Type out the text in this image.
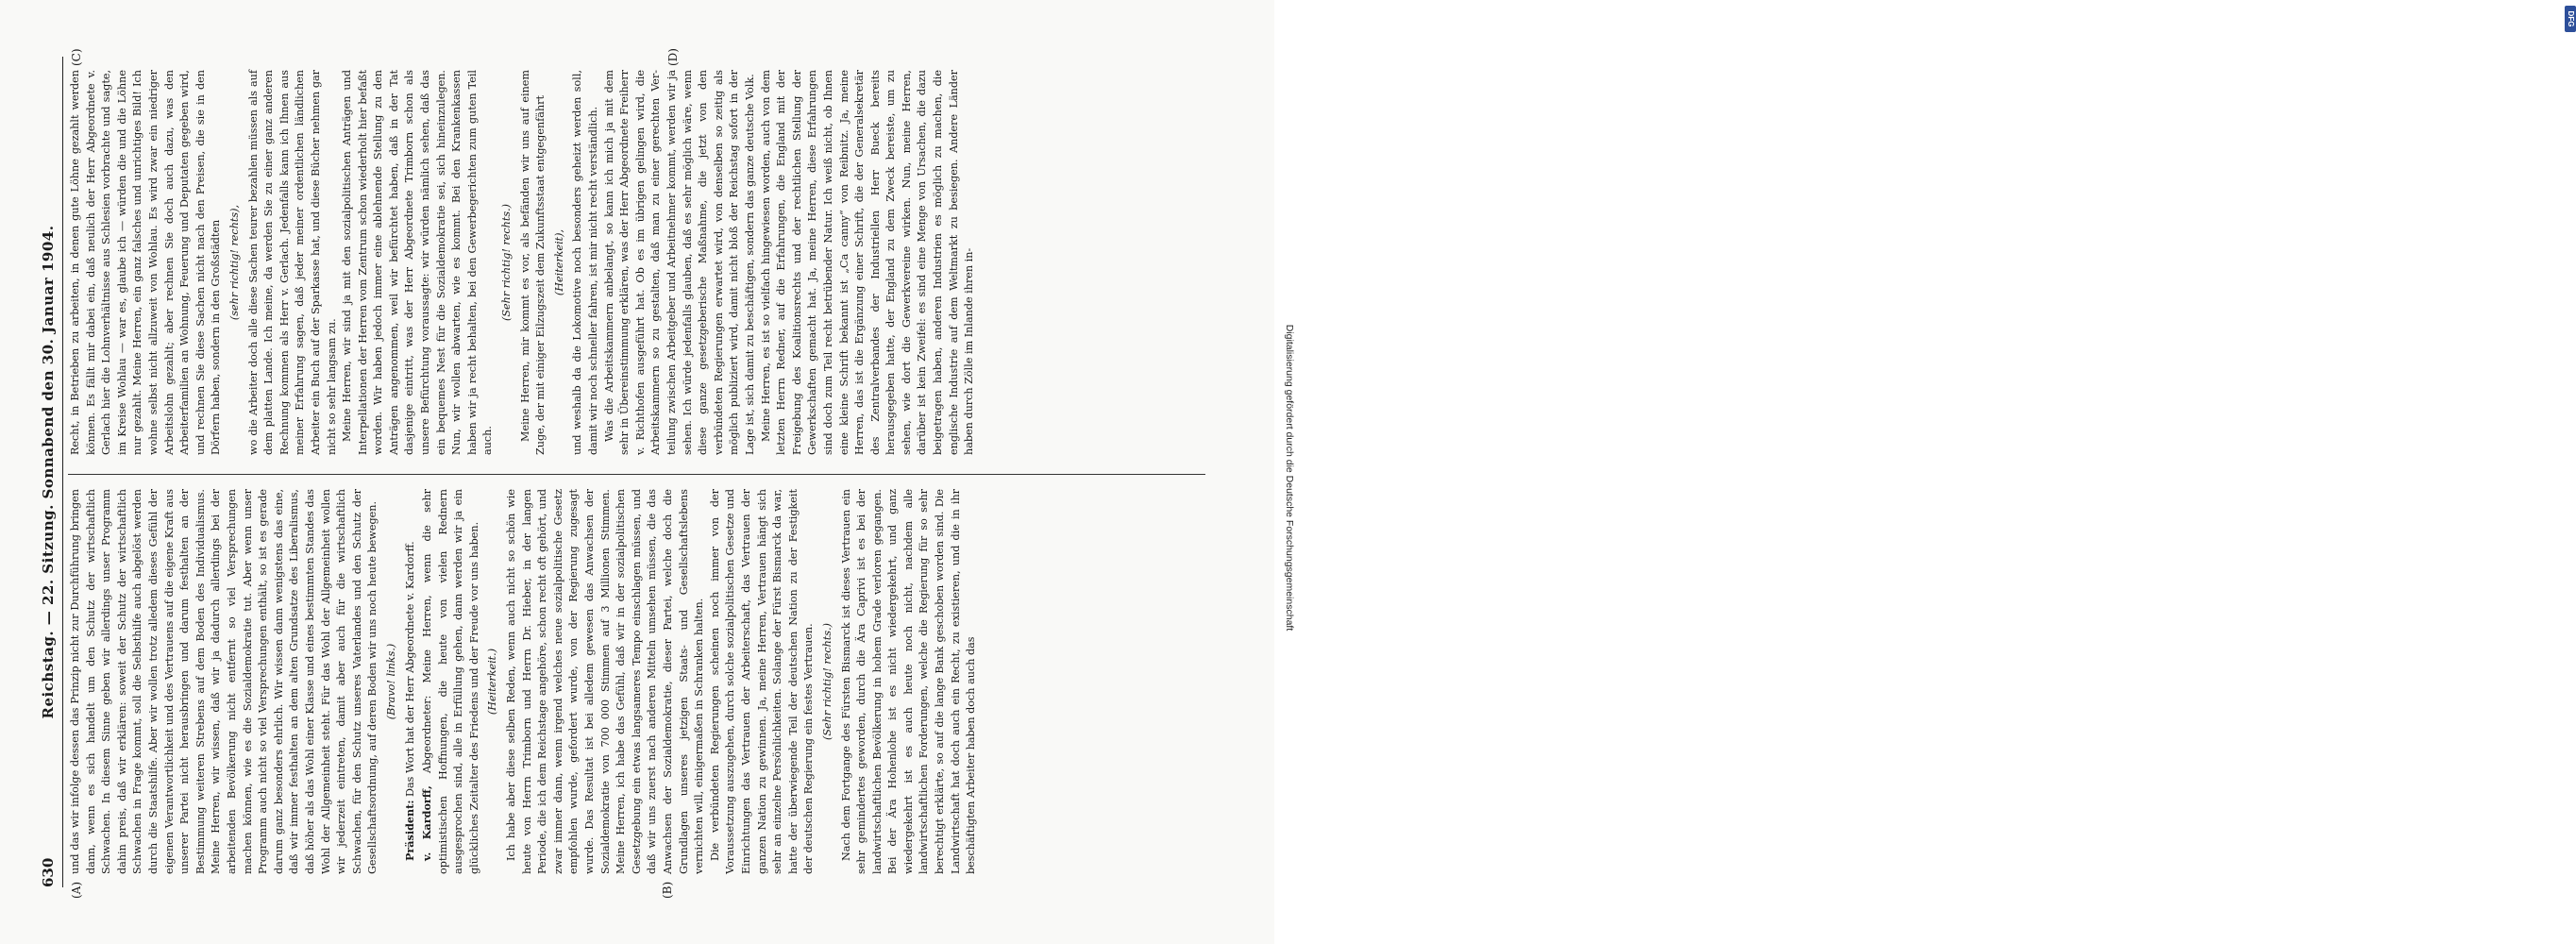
630
Reichstag. — 22. Sitzung. Sonnabend den 30. Januar 1904.
(A)	(B)
(C)	(D)

und das wir infolge dessen das Prinzip nicht zur Durchführung bringen dann, wenn es sich handelt um den Schutz der wirtschaftlich Schwachen. In diesem Sinne geben wir allerdings unser Programm dahin preis, daß wir erklären: soweit der Schutz der wirtschaftlich Schwachen in Frage kommt, soll die Selbsthilfe auch abgelöst werden durch die Staatshilfe. Aber wir wollen trotz alledem dieses Gefühl der eigenen Verantwortlichkeit und des Vertrauens auf die eigene Kraft aus unserer Partei nicht herausbringen und darum festhalten an der Bestimmung weiteren Strebens auf dem Boden des Individualismus. Meine Herren, wir wissen, daß wir ja dadurch allerdings bei der arbeitenden Bevölkerung nicht entfernt so viel Versprechungen machen können, wie es die Sozialdemokratie tut. Aber wenn unser Programm auch nicht so viel Versprechungen enthält, so ist es gerade darum ganz besonders ehrlich. Wir wissen dann wenigstens das eine, daß wir immer festhalten an dem alten Grundsatze des Liberalismus, daß höher als das Wohl einer Klasse und eines bestimmten Standes das Wohl der Allgemeinheit steht. Für das Wohl der Allgemeinheit wollen wir jederzeit eintreten, damit aber auch für die wirtschaftlich Schwachen, für den Schutz unseres Vaterlandes und den Schutz der Gesellschaftsordnung, auf deren Boden wir uns noch heute bewegen. (Bravo! links.)

Präsident: Das Wort hat der Herr Abgeordnete v. Kardorff.

v. Kardorff, Abgeordneter: Meine Herren, wenn die sehr optimistischen Hoffnungen, die heute von vielen Rednern ausgesprochen sind, alle in Erfüllung gehen, dann werden wir ja ein glückliches Zeitalter des Friedens und der Freude vor uns haben. (Heiterkeit.) Ich habe aber diese selben Reden, wenn auch nicht so schön wie heute von Herrn Trimborn und Herrn Dr. Hieber, in der langen Periode, die ich dem Reichstage angehöre, schon recht oft gehört, und zwar immer dann, wenn irgend welches neue sozialpolitische Gesetz empfohlen wurde, gefordert wurde, von der Regierung zugesagt wurde. Das Resultat ist bei alledem gewesen das Anwachsen der Sozialdemokratie von 700 000 Stimmen auf 3 Millionen Stimmen. Meine Herren, ich habe das Gefühl, daß wir in der sozialpolitischen Gesetzgebung ein etwas langsameres Tempo einschlagen müssen, und daß wir uns zuerst nach anderen Mitteln umsehen müssen, die das Anwachsen der Sozialdemokratie, dieser Partei, welche doch die Grundlagen unseres jetzigen Staats- und Gesellschaftslebens vernichten will, einigermaßen in Schranken halten. Die verbündeten Regierungen scheinen noch immer von der Voraussetzung auszugehen, durch solche sozialpolitischen Gesetze und Einrichtungen das Vertrauen der Arbeiterschaft, das Vertrauen der ganzen Nation zu gewinnen. Ja, meine Herren, Vertrauen hängt sich sehr an einzelne Persönlichkeiten. Solange der Fürst Bismarck da war, hatte der überwiegende Teil der deutschen Nation zu der Festigkeit der deutschen Regierung ein festes Vertrauen. (Sehr richtig! rechts.) Nach dem Fortgange des Fürsten Bismarck ist dieses Vertrauen ein sehr gemindertes geworden, durch die Ära Caprivi ist es bei der landwirtschaftlichen Bevölkerung in hohem Grade verloren gegangen. Bei der Ära Hohenlohe ist es nicht wiedergekehrt, und ganz wiedergekehrt ist es auch heute noch nicht, nachdem alle landwirtschaftlichen Forderungen, welche die Regierung für so sehr berechtigt erklärte, so auf die lange Bank geschoben worden sind. Die Landwirtschaft hat doch auch ein Recht, zu existieren, und die in ihr beschäftigten Arbeiter haben doch auch das

Recht, in Betrieben zu arbeiten, in denen gute Löhne gezahlt werden können. Es fällt mir dabei ein, daß neulich der Herr Abgeordnete v. Gerlach hier die Lohnverhältnisse aus Schlesien vorbrachte und sagte, im Kreise Wohlau — war es, glaube ich — würden die und die Löhne nur gezahlt. Meine Herren, ein ganz falsches und unrichtiges Bild! Ich wohne selbst nicht allzuweit von Wohlau. Es wird zwar ein niedriger Arbeitslohn gezahlt; aber rechnen Sie doch auch dazu, was den Arbeiterfamilien an Wohnung, Feuerung und Deputaten gegeben wird, und rechnen Sie diese Sachen nicht nach den Preisen, die sie in den Dörfern haben, sondern in den Großstädten (sehr richtig! rechts), wo die Arbeiter doch alle diese Sachen teurer bezahlen müssen als auf dem platten Lande. Ich meine, da werden Sie zu einer ganz anderen Rechnung kommen als Herr v. Gerlach. Jedenfalls kann ich Ihnen aus meiner Erfahrung sagen, daß jeder meiner ordentlichen ländlichen Arbeiter ein Buch auf der Sparkasse hat, und diese Bücher nehmen gar nicht so sehr langsam zu. Meine Herren, wir sind ja mit den sozialpolitischen Anträgen und Interpellationen der Herren vom Zentrum schon wiederholt hier befaßt worden. Wir haben jedoch immer eine ablehnende Stellung zu den Anträgen angenommen, weil wir befürchtet haben, daß in der Tat dasjenige eintritt, was der Herr Abgeordnete Trimborn schon als unsere Befürchtung voraussagte: wir würden nämlich sehen, daß das ein bequemes Nest für die Sozialdemokratie sei, sich hineinzulegen. Nun, wir wollen abwarten, wie es kommt. Bei den Krankenkassen haben wir ja recht behalten, bei den Gewerbegerichten zum guten Teil auch.

(Sehr richtig! rechts.) Meine Herren, mir kommt es vor, als befänden wir uns auf einem Zuge, der mit einiger Eilzugszeit dem Zukunftsstaat entgegenfährt (Heiterkeit), und weshalb da die Lokomotive noch besonders geheizt werden soll, damit wir noch schneller fahren, ist mir nicht recht verständlich. Was die Arbeitskammern anbelangt, so kann ich mich ja mit dem sehr in Übereinstimmung erklären, was der Herr Abgeordnete Freiherr v. Richthofen ausgeführt hat. Ob es im übrigen gelingen wird, die Arbeitskammern so zu gestalten, daß man zu einer gerechten Verteilung zwischen Arbeitgeber und Arbeitnehmer kommt, werden wir ja sehen. Ich würde jedenfalls glauben, daß es sehr möglich wäre, wenn diese ganze gesetzgeberische Maßnahme, die jetzt von den verbündeten Regierungen erwartet wird, von denselben so zeitig als möglich publiziert wird, damit nicht bloß der Reichstag sofort in der Lage ist, sich damit zu beschäftigen, sondern das ganze deutsche Volk. Meine Herren, es ist so vielfach hingewiesen worden, auch von dem letzten Herrn Redner, auf die Erfahrungen, die England mit der Freigebung des Koalitionsrechts und der rechtlichen Stellung der Gewerkschaften gemacht hat. Ja, meine Herren, diese Erfahrungen sind doch zum Teil recht betrübender Natur. Ich weiß nicht, ob Ihnen eine kleine Schrift bekannt ist „Ca canny“ von Reibnitz. Ja, meine Herren, das ist die Ergänzung einer Schrift, die der Generalsekretär des Zentralverbandes der Industriellen Herr Bueck bereits herausgegeben hatte, der England zu dem Zweck bereiste, um zu sehen, wie dort die Gewerkvereine wirken. Nun, meine Herren, darüber ist kein Zweifel: es sind eine Menge von Ursachen, die dazu beigetragen haben, anderen Industrien es möglich zu machen, die englische Industrie auf dem Weltmarkt zu besiegen. Andere Länder haben durch Zölle im Inlande ihren in-

DFG
Digitalisierung gefördert durch die Deutsche Forschungsgemeinschaft
